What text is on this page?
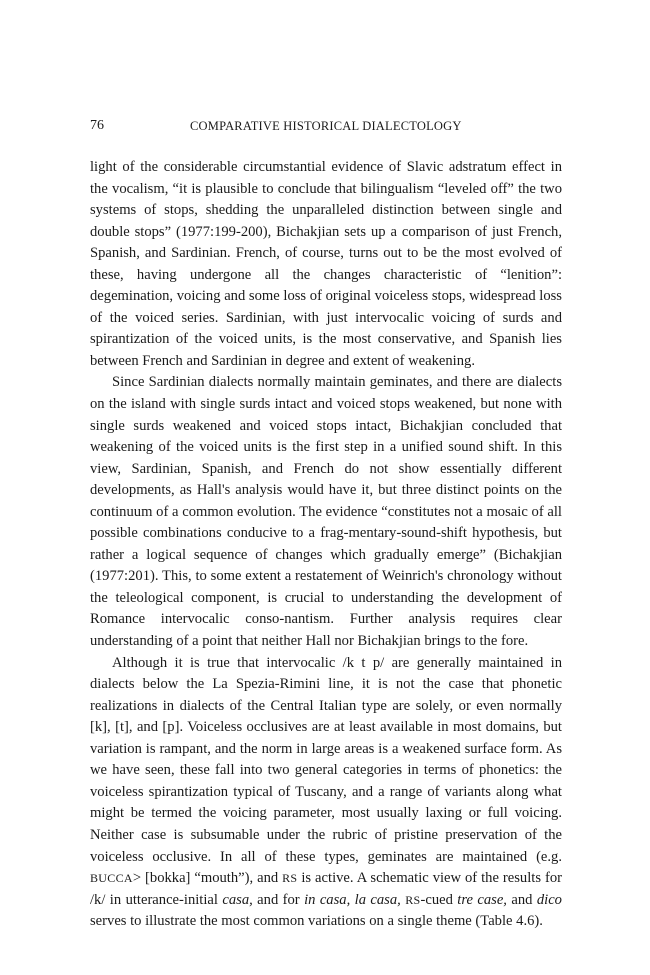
76	COMPARATIVE HISTORICAL DIALECTOLOGY

light of the considerable circumstantial evidence of Slavic adstratum effect in the vocalism, “it is plausible to conclude that bilingualism “leveled off” the two systems of stops, shedding the unparalleled distinction between single and double stops” (1977:199-200), Bichakjian sets up a comparison of just French, Spanish, and Sardinian. French, of course, turns out to be the most evolved of these, having undergone all the changes characteristic of “lenition”: degemination, voicing and some loss of original voiceless stops, widespread loss of the voiced series. Sardinian, with just intervocalic voicing of surds and spirantization of the voiced units, is the most conservative, and Spanish lies between French and Sardinian in degree and extent of weakening.

Since Sardinian dialects normally maintain geminates, and there are dialects on the island with single surds intact and voiced stops weakened, but none with single surds weakened and voiced stops intact, Bichakjian concluded that weakening of the voiced units is the first step in a unified sound shift. In this view, Sardinian, Spanish, and French do not show essentially different developments, as Hall's analysis would have it, but three distinct points on the continuum of a common evolution. The evidence “constitutes not a mosaic of all possible combinations conducive to a frag-mentary-sound-shift hypothesis, but rather a logical sequence of changes which gradually emerge” (Bichakjian (1977:201). This, to some extent a restatement of Weinrich's chronology without the teleological component, is crucial to understanding the development of Romance intervocalic conso-nantism. Further analysis requires clear understanding of a point that neither Hall nor Bichakjian brings to the fore.

Although it is true that intervocalic /k t p/ are generally maintained in dialects below the La Spezia-Rimini line, it is not the case that phonetic realizations in dialects of the Central Italian type are solely, or even normally [k], [t], and [p]. Voiceless occlusives are at least available in most domains, but variation is rampant, and the norm in large areas is a weakened surface form. As we have seen, these fall into two general categories in terms of phonetics: the voiceless spirantization typical of Tuscany, and a range of variants along what might be termed the voicing parameter, most usually laxing or full voicing. Neither case is subsumable under the rubric of pristine preservation of the voiceless occlusive. In all of these types, geminates are maintained (e.g. BUCCA> [bokka] “mouth”), and RS is active. A schematic view of the results for /k/ in utterance-initial casa, and for in casa, la casa, RS-cued tre case, and dico serves to illustrate the most common variations on a single theme (Table 4.6).
